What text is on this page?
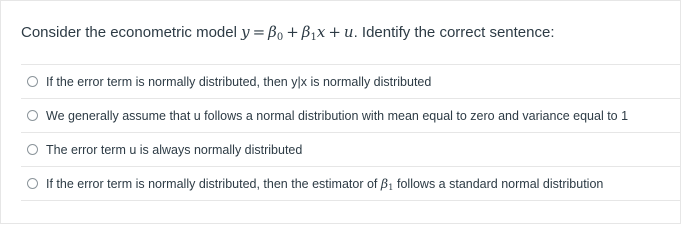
Consider the econometric model $y = \beta_0 + \beta_1x + u$. Identify the correct sentence:
If the error term is normally distributed, then y|x is normally distributed
We generally assume that u follows a normal distribution with mean equal to zero and variance equal to 1
The error term u is always normally distributed
If the error term is normally distributed, then the estimator of $\beta_1$ follows a standard normal distribution
